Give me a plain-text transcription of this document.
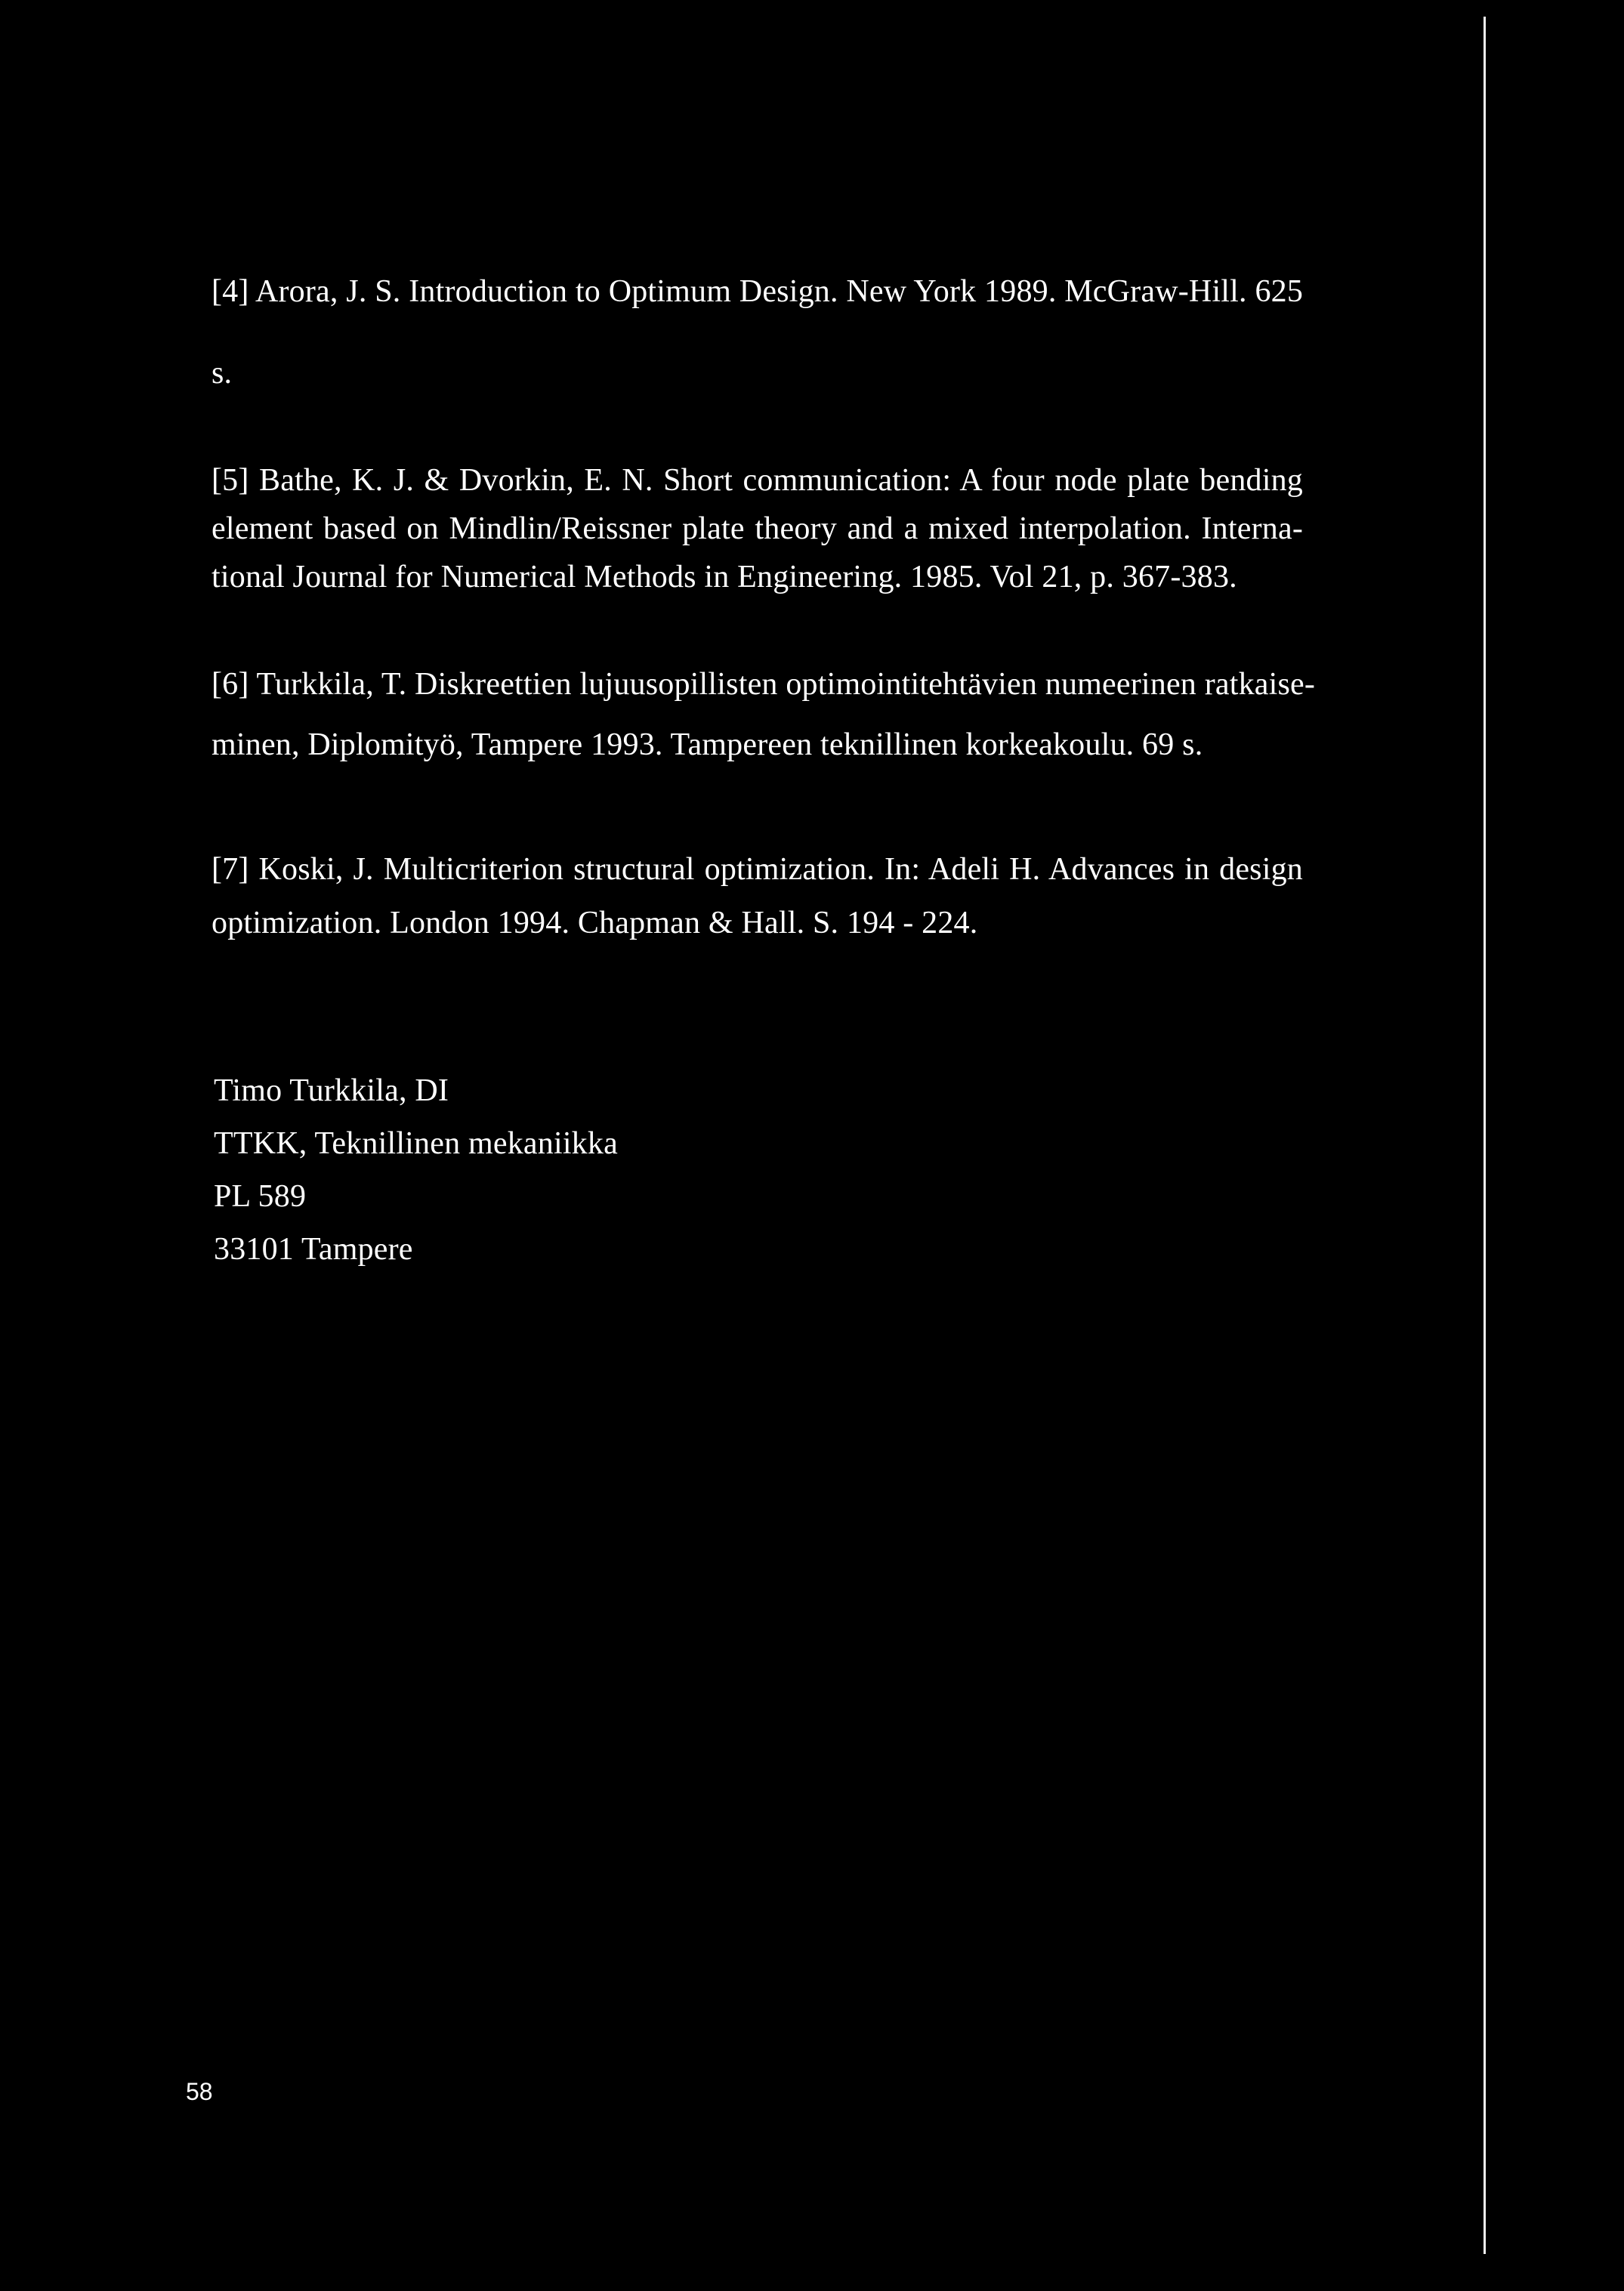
[4] Arora, J. S. Introduction to Optimum Design. New York 1989. McGraw-Hill. 625
s.
[5] Bathe, K. J. & Dvorkin, E. N. Short communication: A four node plate bending
element based on Mindlin/Reissner plate theory and a mixed interpolation. Interna-
tional Journal for Numerical Methods in Engineering. 1985. Vol 21, p. 367-383.
[6] Turkkila, T. Diskreettien lujuusopillisten optimointitehtävien numeerinen ratkaise-
minen, Diplomityö, Tampere 1993. Tampereen teknillinen korkeakoulu. 69 s.
[7] Koski, J. Multicriterion structural optimization. In: Adeli H. Advances in design
optimization. London 1994. Chapman & Hall. S. 194 - 224.
Timo Turkkila, DI
TTKK, Teknillinen mekaniikka
PL 589
33101 Tampere
58
